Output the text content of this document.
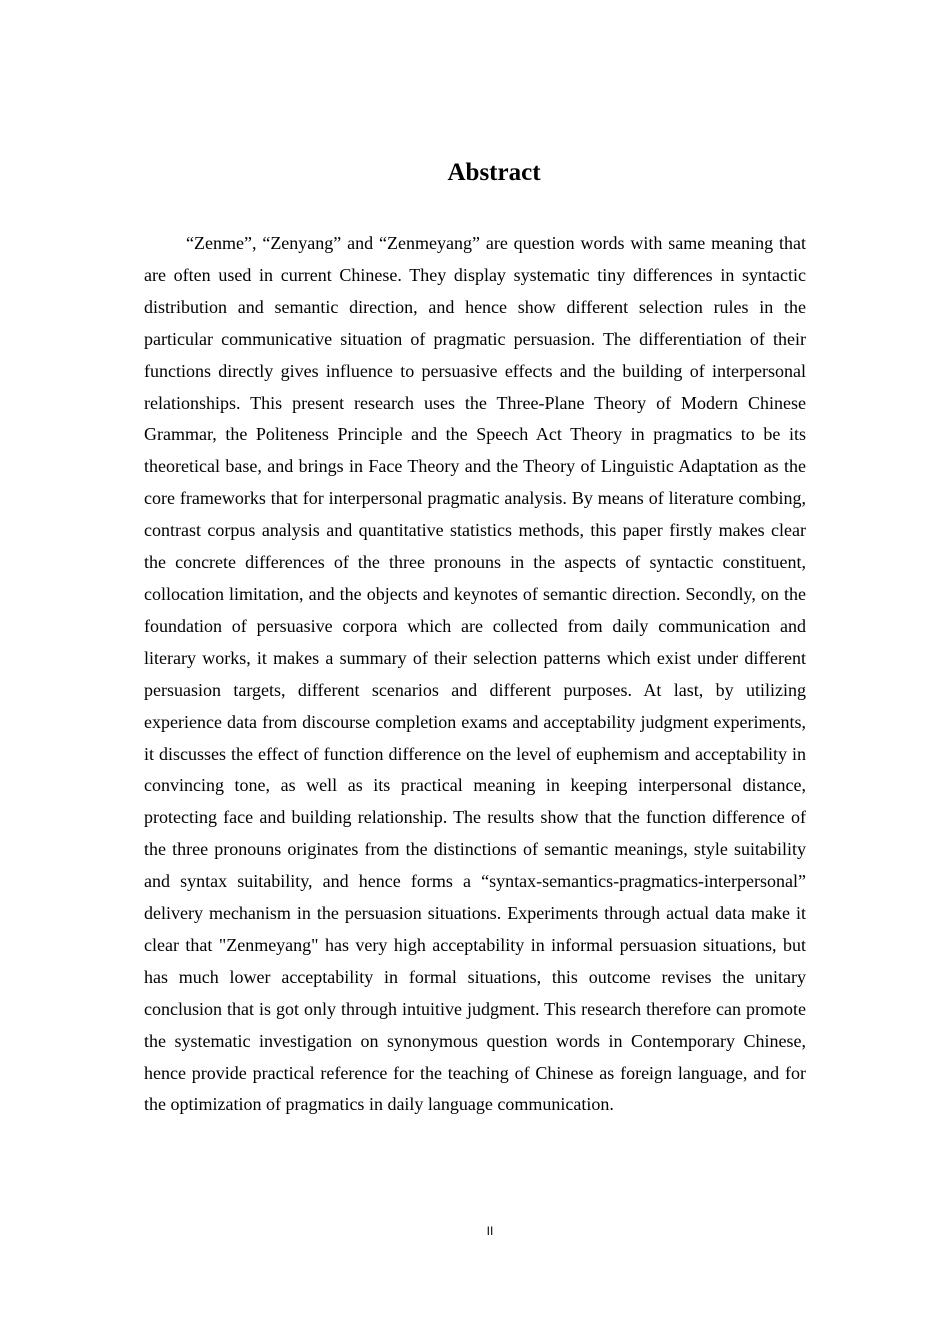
Abstract

“Zenme”, “Zenyang” and “Zenmeyang” are question words with same meaning that are often used in current Chinese. They display systematic tiny differences in syntactic distribution and semantic direction, and hence show different selection rules in the particular communicative situation of pragmatic persuasion. The differentiation of their functions directly gives influence to persuasive effects and the building of interpersonal relationships. This present research uses the Three-Plane Theory of Modern Chinese Grammar, the Politeness Principle and the Speech Act Theory in pragmatics to be its theoretical base, and brings in Face Theory and the Theory of Linguistic Adaptation as the core frameworks that for interpersonal pragmatic analysis. By means of literature combing, contrast corpus analysis and quantitative statistics methods, this paper firstly makes clear the concrete differences of the three pronouns in the aspects of syntactic constituent, collocation limitation, and the objects and keynotes of semantic direction. Secondly, on the foundation of persuasive corpora which are collected from daily communication and literary works, it makes a summary of their selection patterns which exist under different persuasion targets, different scenarios and different purposes. At last, by utilizing experience data from discourse completion exams and acceptability judgment experiments, it discusses the effect of function difference on the level of euphemism and acceptability in convincing tone, as well as its practical meaning in keeping interpersonal distance, protecting face and building relationship. The results show that the function difference of the three pronouns originates from the distinctions of semantic meanings, style suitability and syntax suitability, and hence forms a “syntax-semantics-pragmatics-interpersonal” delivery mechanism in the persuasion situations. Experiments through actual data make it clear that "Zenmeyang" has very high acceptability in informal persuasion situations, but has much lower acceptability in formal situations, this outcome revises the unitary conclusion that is got only through intuitive judgment. This research therefore can promote the systematic investigation on synonymous question words in Contemporary Chinese, hence provide practical reference for the teaching of Chinese as foreign language, and for the optimization of pragmatics in daily language communication.

II
